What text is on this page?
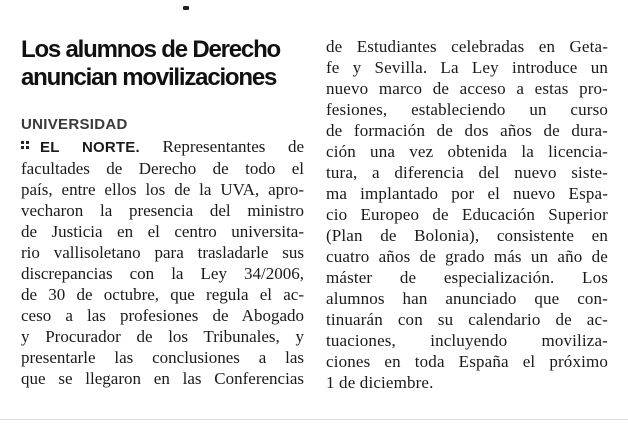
Los alumnos de Derecho anuncian movilizaciones
UNIVERSIDAD
EL NORTE. Representantes de
facultades de Derecho de todo el
país, entre ellos los de la UVA, apro-
vecharon la presencia del ministro
de Justicia en el centro universita-
rio vallisoletano para trasladarle sus
discrepancias con la Ley 34/2006,
de 30 de octubre, que regula el ac-
ceso a las profesiones de Abogado
y Procurador de los Tribunales, y
presentarle las conclusiones a las
que se llegaron en las Conferencias
de Estudiantes celebradas en Geta-
fe y Sevilla. La Ley introduce un
nuevo marco de acceso a estas pro-
fesiones, estableciendo un curso
de formación de dos años de dura-
ción una vez obtenida la licencia-
tura, a diferencia del nuevo siste-
ma implantado por el nuevo Espa-
cio Europeo de Educación Superior
(Plan de Bolonia), consistente en
cuatro años de grado más un año de
máster de especialización. Los
alumnos han anunciado que con-
tinuarán con su calendario de ac-
tuaciones, incluyendo moviliza-
ciones en toda España el próximo
1 de diciembre.
